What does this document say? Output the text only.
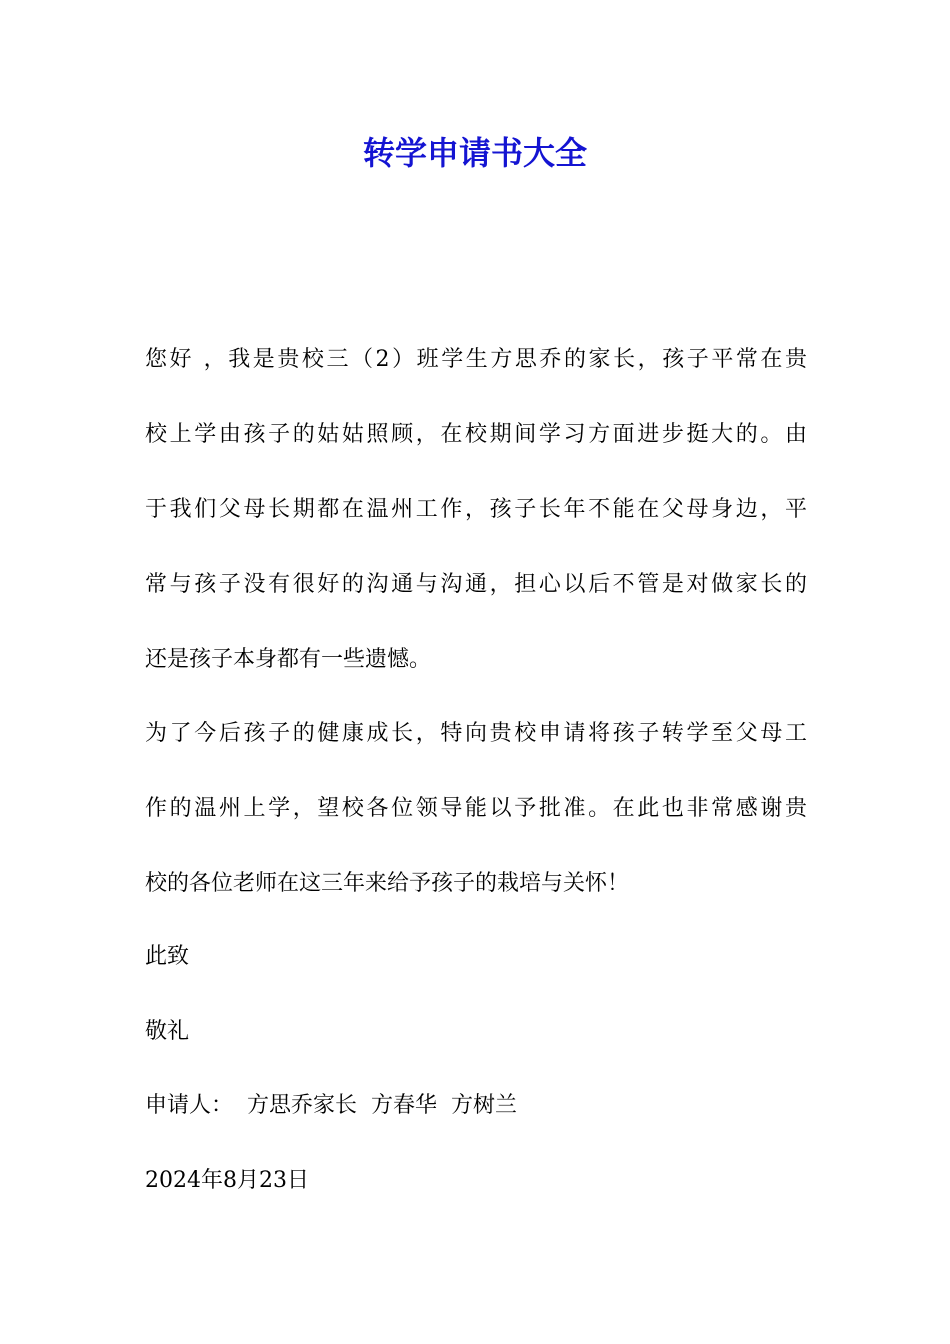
转学申请书大全
您好 ，我是贵校三（2）班学生方思乔的家长，孩子平常在贵
校上学由孩子的姑姑照顾，在校期间学习方面进步挺大的。由
于我们父母长期都在温州工作，孩子长年不能在父母身边，平
常与孩子没有很好的沟通与沟通，担心以后不管是对做家长的
还是孩子本身都有一些遗憾。
为了今后孩子的健康成长，特向贵校申请将孩子转学至父母工
作的温州上学，望校各位领导能以予批准。在此也非常感谢贵
校的各位老师在这三年来给予孩子的栽培与关怀！

此致

敬礼

申请人：  方思乔家长  方春华  方树兰

2024年8月23日
